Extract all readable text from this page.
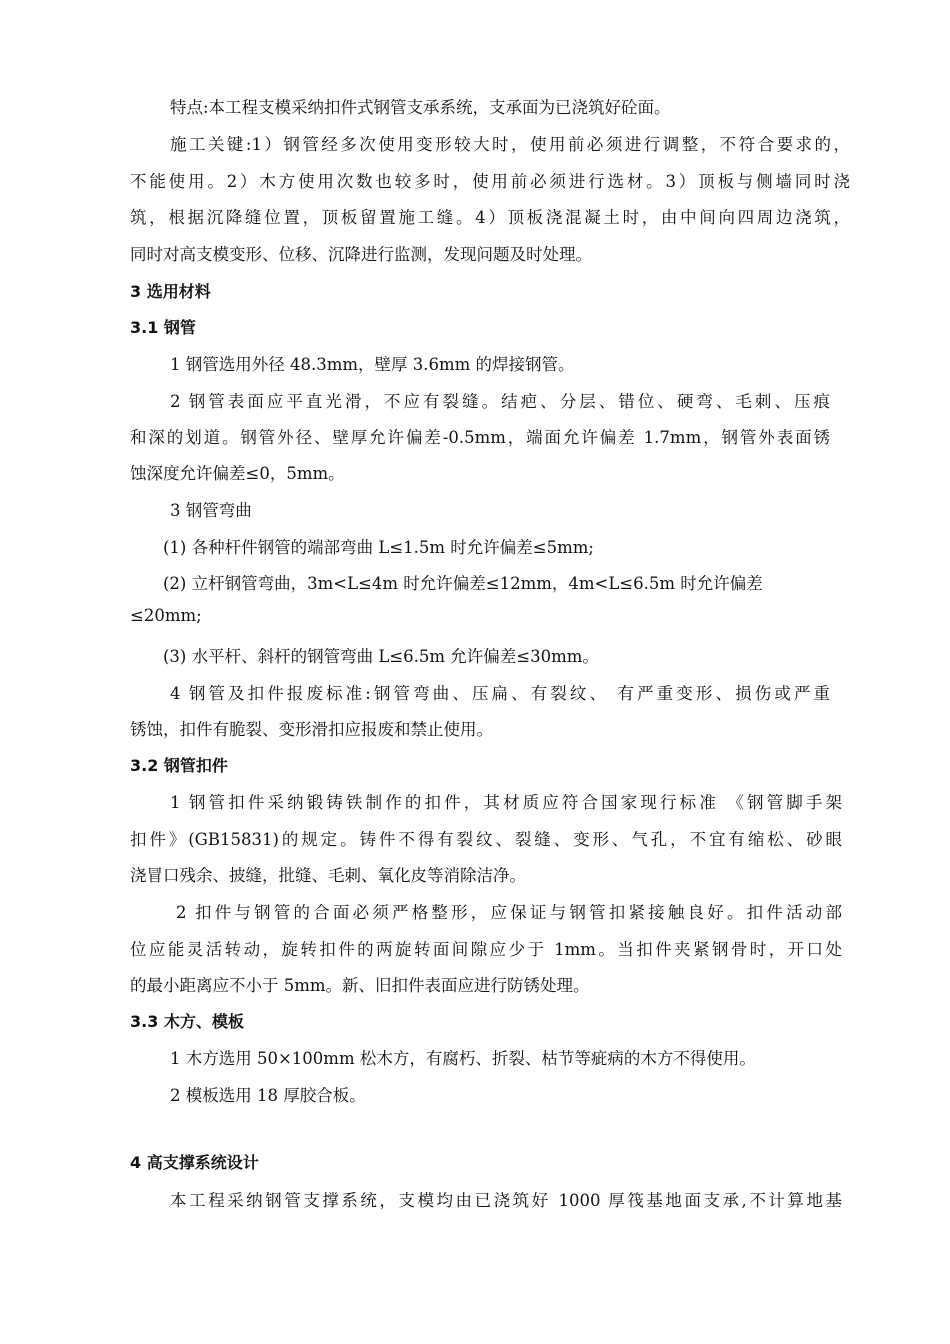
特点:本工程支模采纳扣件式钢管支承系统，支承面为已浇筑好砼面。
施工关键:1）钢管经多次使用变形较大时，使用前必须进行调整，不符合要求的，
不能使用。2）木方使用次数也较多时，使用前必须进行选材。3）顶板与侧墙同时浇
筑，根据沉降缝位置，顶板留置施工缝。4）顶板浇混凝土时，由中间向四周边浇筑，
同时对高支模变形、位移、沉降进行监测，发现问题及时处理。
3 选用材料
3.1 钢管
1 钢管选用外径 48.3mm，壁厚 3.6mm 的焊接钢管。
2 钢管表面应平直光滑，不应有裂缝。结疤、分层、错位、硬弯、毛刺、压痕
和深的划道。钢管外径、壁厚允许偏差-0.5mm，端面允许偏差 1.7mm，钢管外表面锈
蚀深度允许偏差≤0，5mm。
3 钢管弯曲
(1) 各种杆件钢管的端部弯曲 L≤1.5m 时允许偏差≤5mm;
(2) 立杆钢管弯曲，3m<L≤4m 时允许偏差≤12mm，4m<L≤6.5m 时允许偏差
≤20mm;
(3) 水平杆、斜杆的钢管弯曲 L≤6.5m 允许偏差≤30mm。
4 钢管及扣件报废标准:钢管弯曲、压扁、有裂纹、 有严重变形、损伤或严重
锈蚀，扣件有脆裂、变形滑扣应报废和禁止使用。
3.2 钢管扣件
1 钢管扣件采纳锻铸铁制作的扣件，其材质应符合国家现行标准 《钢管脚手架
扣件》(GB15831)的规定。铸件不得有裂纹、裂缝、变形、气孔，不宜有缩松、砂眼
浇冒口残余、披缝，批缝、毛刺、氧化皮等消除洁净。
2 扣件与钢管的合面必须严格整形，应保证与钢管扣紧接触良好。扣件活动部
位应能灵活转动，旋转扣件的两旋转面间隙应少于 1mm。当扣件夹紧钢骨时，开口处
的最小距离应不小于 5mm。新、旧扣件表面应进行防锈处理。
3.3 木方、模板
1 木方选用 50×100mm 松木方，有腐朽、折裂、枯节等疵病的木方不得使用。
2 模板选用 18 厚胶合板。
4 高支撑系统设计
本工程采纳钢管支撑系统，支模均由已浇筑好 1000 厚筏基地面支承,不计算地基
